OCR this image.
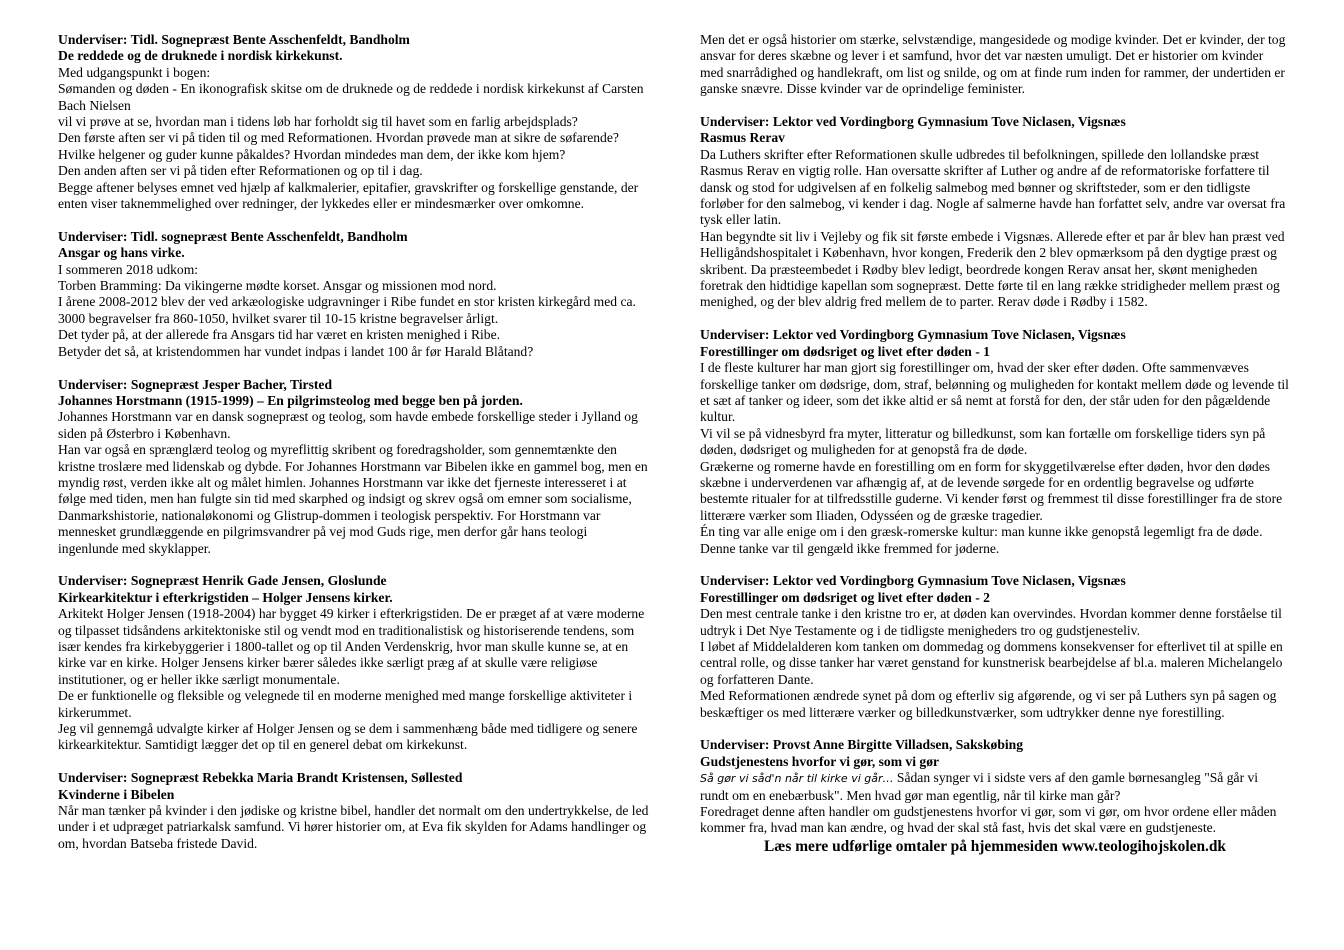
Underviser: Tidl. Sognepræst Bente Asschenfeldt, Bandholm

De reddede og de druknede i nordisk kirkekunst.

Med udgangspunkt i bogen:

Sømanden og døden - En ikonografisk skitse om de druknede og de reddede i nordisk kirkekunst af Carsten Bach Nielsen

vil vi prøve at se, hvordan man i tidens løb har forholdt sig til havet som en farlig arbejdsplads?

Den første aften ser vi på tiden til og med Reformationen. Hvordan prøvede man at sikre de søfarende? Hvilke helgener og guder kunne påkaldes? Hvordan mindedes man dem, der ikke kom hjem?

Den anden aften ser vi på tiden efter Reformationen og op til i dag.

Begge aftener belyses emnet ved hjælp af kalkmalerier, epitafier, gravskrifter og forskellige genstande, der enten viser taknemmelighed over redninger, der lykkedes eller er mindesmærker over omkomne.

Underviser: Tidl. sognepræst Bente Asschenfeldt, Bandholm

Ansgar og hans virke.

I sommeren 2018 udkom:

Torben Bramming: Da vikingerne mødte korset. Ansgar og missionen mod nord.

I årene 2008-2012 blev der ved arkæologiske udgravninger i Ribe fundet en stor kristen kirkegård med ca. 3000 begravelser fra 860-1050, hvilket svarer til 10-15 kristne begravelser årligt.

Det tyder på, at der allerede fra Ansgars tid har været en kristen menighed i Ribe.

Betyder det så, at kristendommen har vundet indpas i landet 100 år før Harald Blåtand?

Underviser: Sognepræst Jesper Bacher, Tirsted

Johannes Horstmann (1915-1999) – En pilgrimsteolog med begge ben på jorden.

Johannes Horstmann var en dansk sognepræst og teolog, som havde embede forskellige steder i Jylland og siden på Østerbro i København.

Han var også en sprænglærd teolog og myreflittig skribent og foredragsholder, som gennemtænkte den kristne troslære med lidenskab og dybde. For Johannes Horstmann var Bibelen ikke en gammel bog, men en myndig røst, verden ikke alt og målet himlen. Johannes Horstmann var ikke det fjerneste interesseret i at følge med tiden, men han fulgte sin tid med skarphed og indsigt og skrev også om emner som socialisme, Danmarkshistorie, nationaløkonomi og Glistrup-dommen i teologisk perspektiv. For Horstmann var mennesket grundlæggende en pilgrimsvandrer på vej mod Guds rige, men derfor går hans teologi ingenlunde med skyklapper.

Underviser: Sognepræst Henrik Gade Jensen, Gloslunde

Kirkearkitektur i efterkrigstiden – Holger Jensens kirker.

Arkitekt Holger Jensen (1918-2004) har bygget 49 kirker i efterkrigstiden. De er præget af at være moderne og tilpasset tidsåndens arkitektoniske stil og vendt mod en traditionalistisk og historiserende tendens, som især kendes fra kirkebyggerier i 1800-tallet og op til Anden Verdenskrig, hvor man skulle kunne se, at en kirke var en kirke. Holger Jensens kirker bærer således ikke særligt præg af at skulle være religiøse institutioner, og er heller ikke særligt monumentale.

De er funktionelle og fleksible og velegnede til en moderne menighed med mange forskellige aktiviteter i kirkerummet.

Jeg vil gennemgå udvalgte kirker af Holger Jensen og se dem i sammenhæng både med tidligere og senere kirkearkitektur. Samtidigt lægger det op til en generel debat om kirkekunst.

Underviser: Sognepræst Rebekka Maria Brandt Kristensen, Søllested

Kvinderne i Bibelen

Når man tænker på kvinder i den jødiske og kristne bibel, handler det normalt om den undertrykkelse, de led under i et udpræget patriarkalsk samfund. Vi hører historier om, at Eva fik skylden for Adams handlinger og om, hvordan Batseba fristede David.

Men det er også historier om stærke, selvstændige, mangesidede og modige kvinder. Det er kvinder, der tog ansvar for deres skæbne og lever i et samfund, hvor det var næsten umuligt. Det er historier om kvinder med snarrådighed og handlekraft, om list og snilde, og om at finde rum inden for rammer, der undertiden er ganske snævre. Disse kvinder var de oprindelige feminister.

Underviser: Lektor ved Vordingborg Gymnasium Tove Niclasen, Vigsnæs

Rasmus Rerav

Da Luthers skrifter efter Reformationen skulle udbredes til befolkningen, spillede den lollandske præst Rasmus Rerav en vigtig rolle. Han oversatte skrifter af Luther og andre af de reformatoriske forfattere til dansk og stod for udgivelsen af en folkelig salmebog med bønner og skriftsteder, som er den tidligste forløber for den salmebog, vi kender i dag. Nogle af salmerne havde han forfattet selv, andre var oversat fra tysk eller latin.

Han begyndte sit liv i Vejleby og fik sit første embede i Vigsnæs. Allerede efter et par år blev han præst ved Helligåndshospitalet i København, hvor kongen, Frederik den 2 blev opmærksom på den dygtige præst og skribent. Da præsteembedet i Rødby blev ledigt, beordrede kongen Rerav ansat her, skønt menigheden foretrak den hidtidige kapellan som sognepræst. Dette førte til en lang række stridigheder mellem præst og menighed, og der blev aldrig fred mellem de to parter. Rerav døde i Rødby i 1582.

Underviser: Lektor ved Vordingborg Gymnasium Tove Niclasen, Vigsnæs

Forestillinger om dødsriget og livet efter døden - 1

I de fleste kulturer har man gjort sig forestillinger om, hvad der sker efter døden. Ofte sammenvæves forskellige tanker om dødsrige, dom, straf, belønning og muligheden for kontakt mellem døde og levende til et sæt af tanker og ideer, som det ikke altid er så nemt at forstå for den, der står uden for den pågældende kultur.

Vi vil se på vidnesbyrd fra myter, litteratur og billedkunst, som kan fortælle om forskellige tiders syn på døden, dødsriget og muligheden for at genopstå fra de døde.

Grækerne og romerne havde en forestilling om en form for skyggetilværelse efter døden, hvor den dødes skæbne i underverdenen var afhængig af, at de levende sørgede for en ordentlig begravelse og udførte bestemte ritualer for at tilfredsstille guderne. Vi kender først og fremmest til disse forestillinger fra de store litterære værker som Iliaden, Odysséen og de græske tragedier.

Én ting var alle enige om i den græsk-romerske kultur: man kunne ikke genopstå legemligt fra de døde. Denne tanke var til gengæld ikke fremmed for jøderne.

Underviser: Lektor ved Vordingborg Gymnasium Tove Niclasen, Vigsnæs

Forestillinger om dødsriget og livet efter døden - 2

Den mest centrale tanke i den kristne tro er, at døden kan overvindes. Hvordan kommer denne forståelse til udtryk i Det Nye Testamente og i de tidligste menigheders tro og gudstjenesteliv.

I løbet af Middelalderen kom tanken om dommedag og dommens konsekvenser for efterlivet til at spille en central rolle, og disse tanker har været genstand for kunstnerisk bearbejdelse af bl.a. maleren Michelangelo og forfatteren Dante.

Med Reformationen ændrede synet på dom og efterliv sig afgørende, og vi ser på Luthers syn på sagen og beskæftiger os med litterære værker og billedkunstværker, som udtrykker denne nye forestilling.

Underviser: Provst Anne Birgitte Villadsen, Sakskøbing

Gudstjenestens hvorfor vi gør, som vi gør

Så gør vi såd'n når til kirke vi går… Sådan synger vi i sidste vers af den gamle børnesangleg "Så går vi rundt om en enebærbusk". Men hvad gør man egentlig, når til kirke man går?

Foredraget denne aften handler om gudstjenestens hvorfor vi gør, som vi gør, om hvor ordene eller måden kommer fra, hvad man kan ændre, og hvad der skal stå fast, hvis det skal være en gudstjeneste.

Læs mere udførlige omtaler på hjemmesiden www.teologihojskolen.dk
